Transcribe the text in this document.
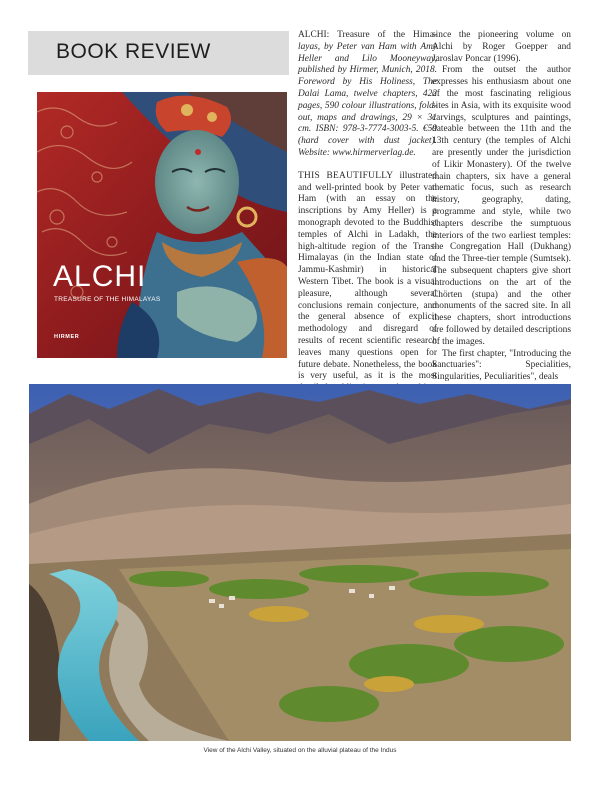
BOOK REVIEW
ALCHI
TREASURE OF THE HIMALAYAS
HIRMER

ALCHI: Treasure of the Hima- layas, by Peter van Ham with Amy Heller and Lilo Mooneyway, published by Hirmer, Munich, 2018. Foreword by His Holiness, The Dalai Lama, twelve chapters, 422 pages, 590 colour illustrations, fold-out, maps and drawings, 29 × 31 cm. ISBN: 978-3-7774-3003-5. €59 (hard cover with dust jacket). Website: www.hirmerverlag.de.

THIS BEAUTIFULLY illustrated and well-printed book by Peter van Ham (with an essay on the inscriptions by Amy Heller) is a monograph devoted to the Buddhist temples of Alchi in Ladakh, the high-altitude region of the Trans-Himalayas (in the Indian state of Jammu-Kashmir) in historical Western Tibet. The book is a visual pleasure, although several conclusions remain conjecture, and the general absence of explicit methodology and disregard of results of recent scientific research leaves many questions open for future debate. Nonetheless, the book is very useful, as it is the most

since the pioneering volume on Alchi by Roger Goepper and Jaroslav Poncar (1996).

From the outset the author expresses his enthusiasm about one of the most fascinating religious sites in Asia, with its exquisite wood carvings, sculptures and paintings, dateable between the 11th and the 13th century (the temples of Alchi are presently under the jurisdiction of Likir Monastery). Of the twelve main chapters, six have a general thematic focus, such as research history, geography, dating, programme and style, while two chapters describe the sumptuous interiors of the two earliest temples: the Congregation Hall (Dukhang) and the Three-tier temple (Sumtsek). The subsequent chapters give short introductions on the art of the Chörten (stupa) and the other monuments of the sacred site. In all these chapters, short introductions are followed by detailed descriptions of the images.

The first chapter, "Introducing the Sanctuaries": Specialities, Singularities, Peculiarities", deals

View of the Alchi Valley, situated on the alluvial plateau of the Indus
